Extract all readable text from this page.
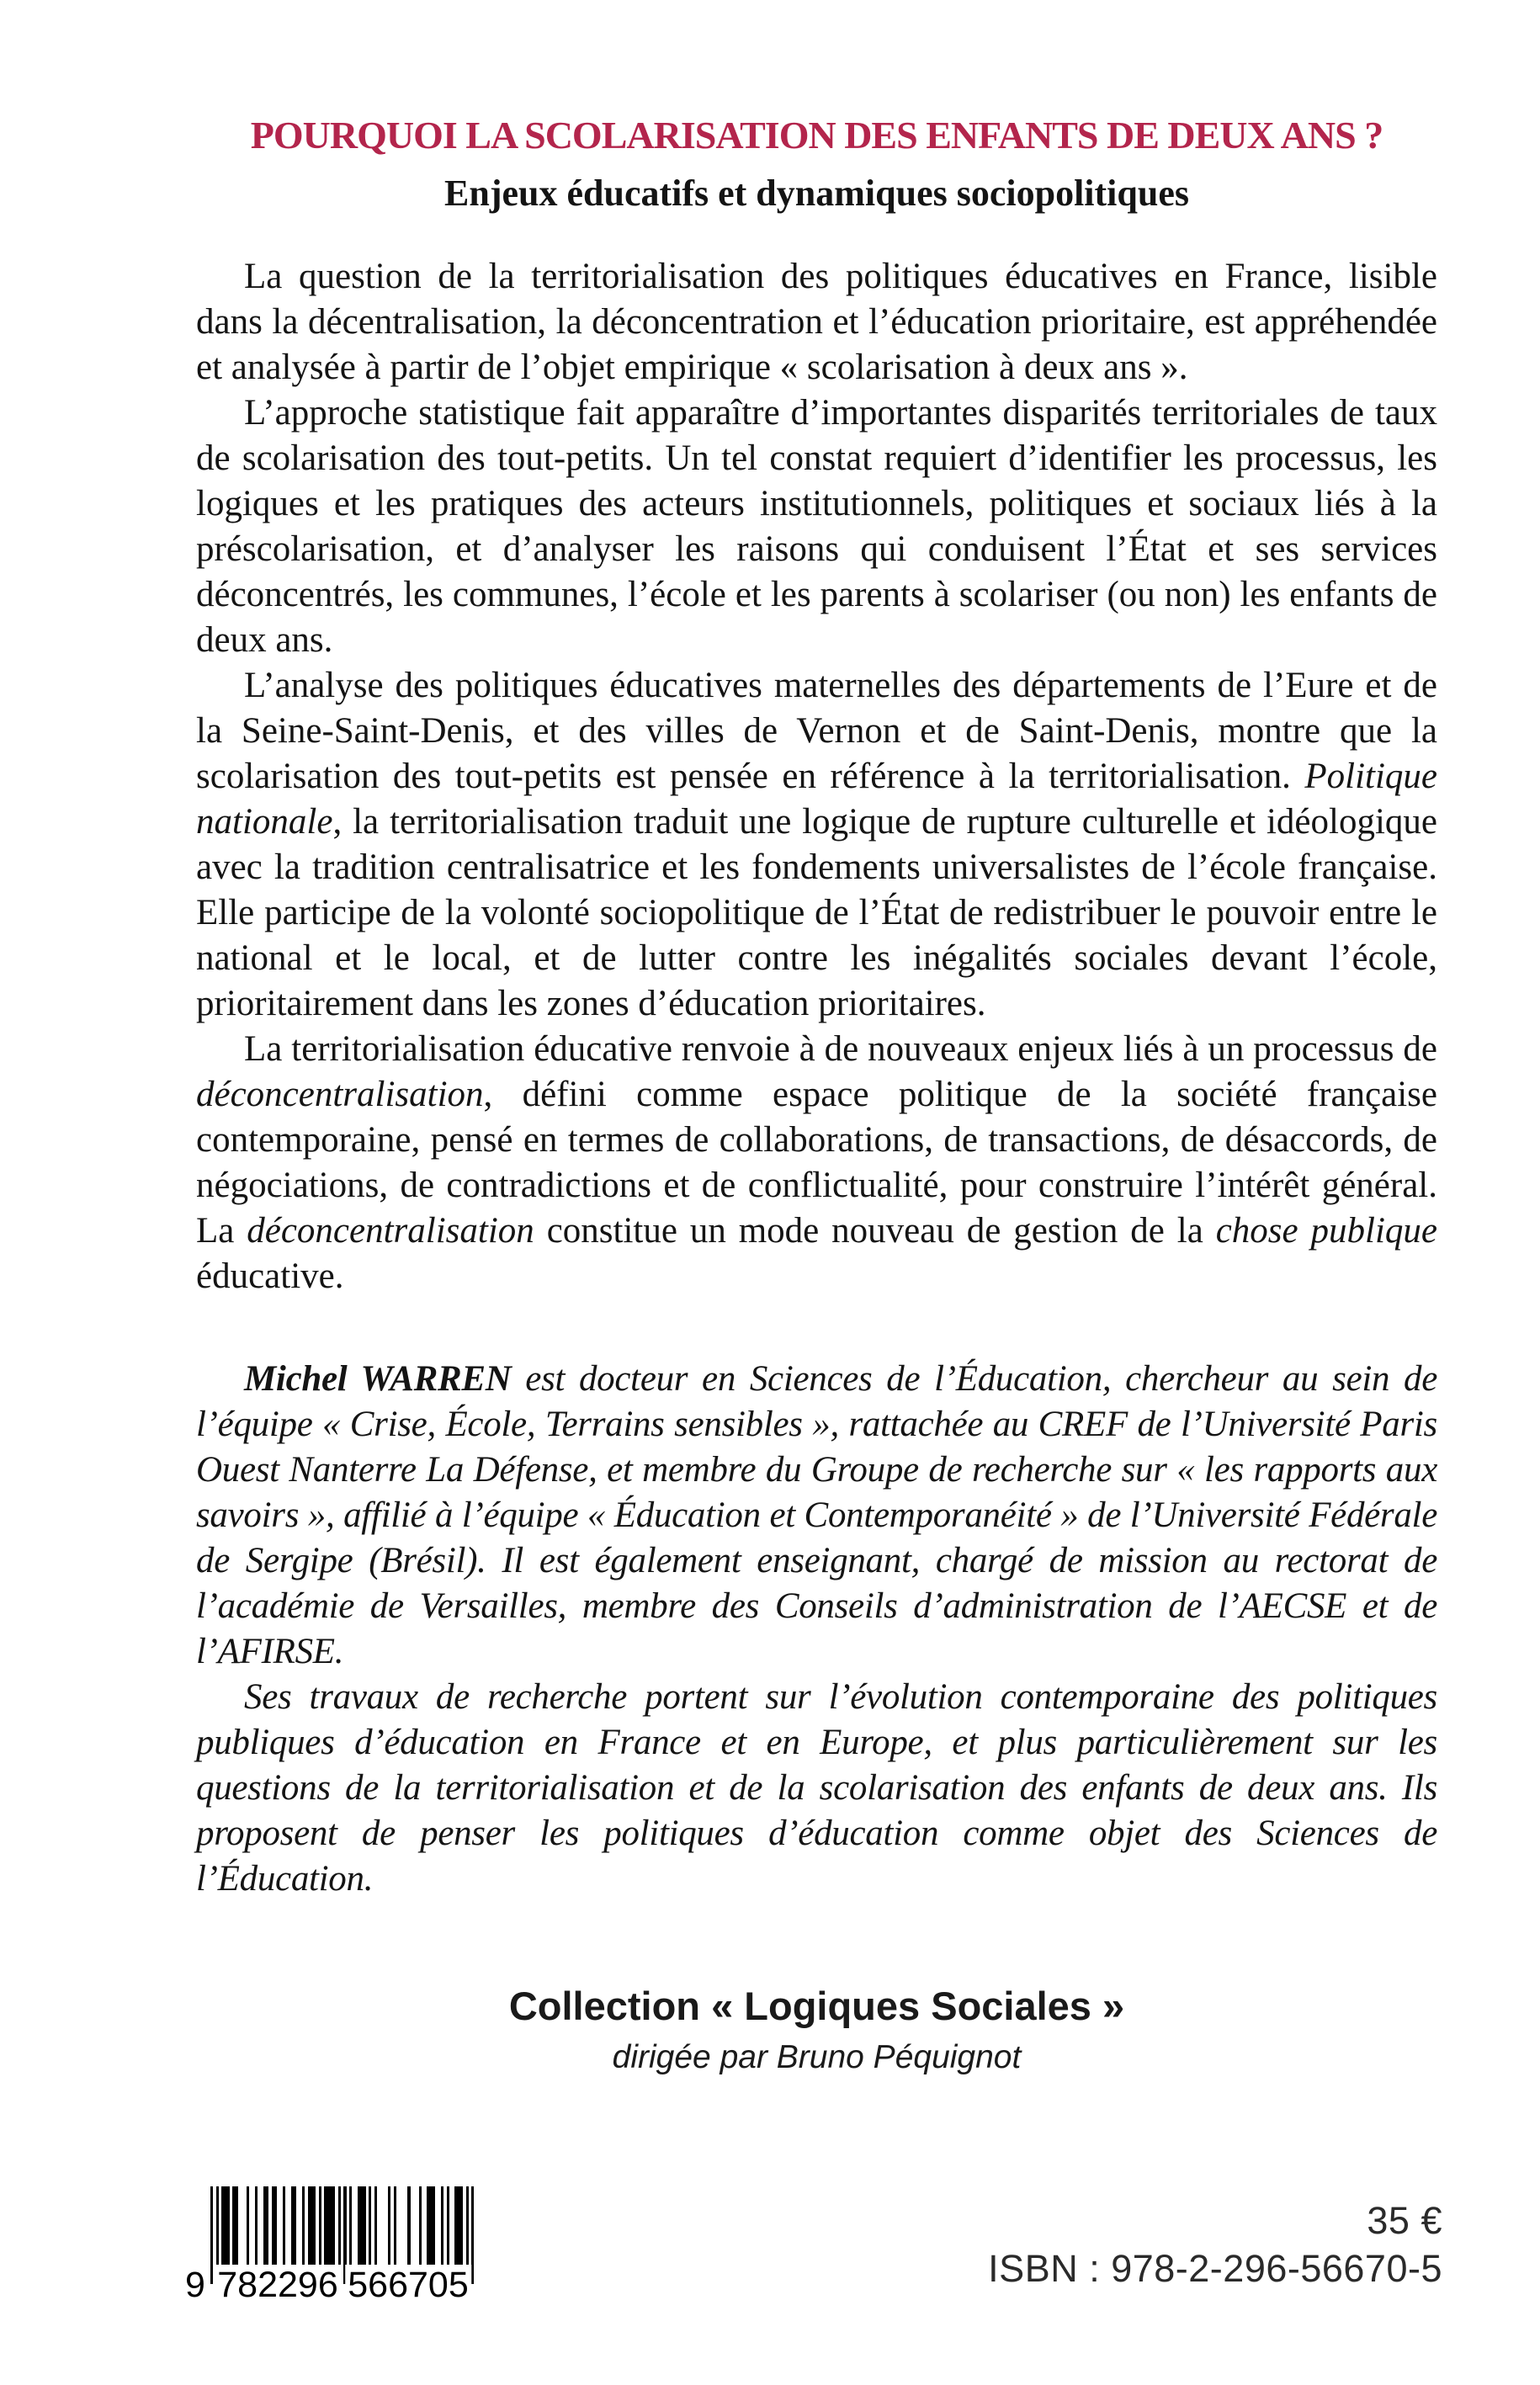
POURQUOI LA SCOLARISATION DES ENFANTS DE DEUX ANS ?
Enjeux éducatifs et dynamiques sociopolitiques

La question de la territorialisation des politiques éducatives en France, lisible dans la décentralisation, la déconcentration et l’éducation prioritaire, est appréhendée et analysée à partir de l’objet empirique « scolarisation à deux ans ».

L’approche statistique fait apparaître d’importantes disparités territoriales de taux de scolarisation des tout-petits. Un tel constat requiert d’identifier les processus, les logiques et les pratiques des acteurs institutionnels, politiques et sociaux liés à la préscolarisation, et d’analyser les raisons qui conduisent l’État et ses services déconcentrés, les communes, l’école et les parents à scolariser (ou non) les enfants de deux ans.

L’analyse des politiques éducatives maternelles des départements de l’Eure et de la Seine-Saint-Denis, et des villes de Vernon et de Saint-Denis, montre que la scolarisation des tout-petits est pensée en référence à la territorialisation. Politique nationale, la territorialisation traduit une logique de rupture culturelle et idéologique avec la tradition centralisatrice et les fondements universalistes de l’école française. Elle participe de la volonté sociopolitique de l’État de redistribuer le pouvoir entre le national et le local, et de lutter contre les inégalités sociales devant l’école, prioritairement dans les zones d’éducation prioritaires.

La territorialisation éducative renvoie à de nouveaux enjeux liés à un processus de déconcentralisation, défini comme espace politique de la société française contemporaine, pensé en termes de collaborations, de transactions, de désaccords, de négociations, de contradictions et de conflictualité, pour construire l’intérêt général. La déconcentralisation constitue un mode nouveau de gestion de la chose publique éducative.

Michel WARREN est docteur en Sciences de l’Éducation, chercheur au sein de l’équipe « Crise, École, Terrains sensibles », rattachée au CREF de l’Université Paris Ouest Nanterre La Défense, et membre du Groupe de recherche sur « les rapports aux savoirs », affilié à l’équipe « Éducation et Contemporanéité » de l’Université Fédérale de Sergipe (Brésil). Il est également enseignant, chargé de mission au rectorat de l’académie de Versailles, membre des Conseils d’administration de l’AECSE et de l’AFIRSE.

Ses travaux de recherche portent sur l’évolution contemporaine des politiques publiques d’éducation en France et en Europe, et plus particulièrement sur les questions de la territorialisation et de la scolarisation des enfants de deux ans. Ils proposent de penser les politiques d’éducation comme objet des Sciences de l’Éducation.

Collection « Logiques Sociales »
dirigée par Bruno Péquignot
9 782296 566705
35 €
ISBN : 978-2-296-56670-5
